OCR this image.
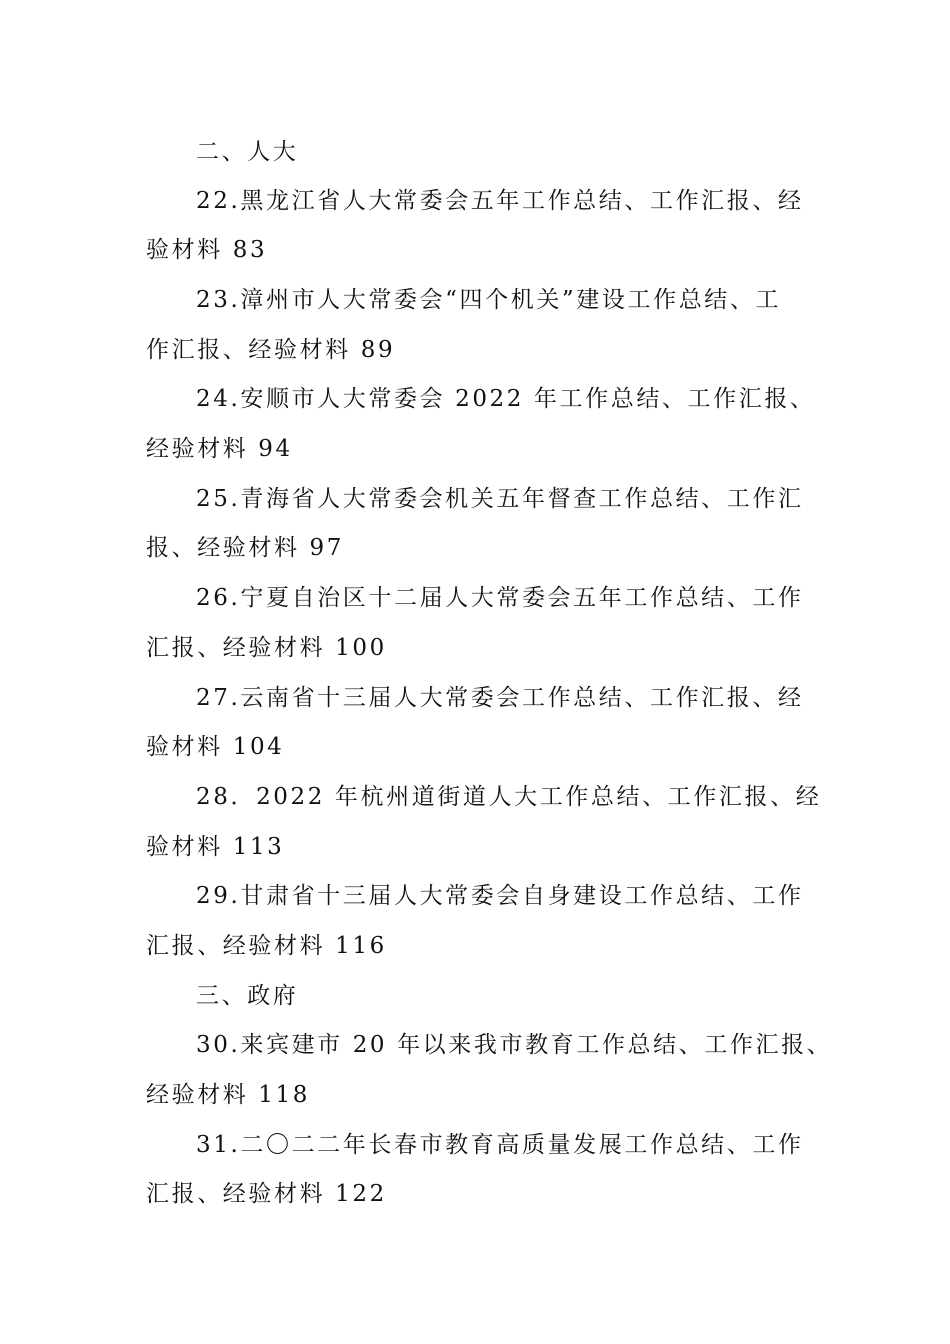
二、人大
22.黑龙江省人大常委会五年工作总结、工作汇报、经
验材料 83
23.漳州市人大常委会“四个机关”建设工作总结、工
作汇报、经验材料 89
24.安顺市人大常委会 2022 年工作总结、工作汇报、
经验材料 94
25.青海省人大常委会机关五年督查工作总结、工作汇
报、经验材料 97
26.宁夏自治区十二届人大常委会五年工作总结、工作
汇报、经验材料 100
27.云南省十三届人大常委会工作总结、工作汇报、经
验材料 104
28．2022 年杭州道街道人大工作总结、工作汇报、经
验材料 113
29.甘肃省十三届人大常委会自身建设工作总结、工作
汇报、经验材料 116
三、政府
30.来宾建市 20 年以来我市教育工作总结、工作汇报、
经验材料 118
31.二〇二二年长春市教育高质量发展工作总结、工作
汇报、经验材料 122
